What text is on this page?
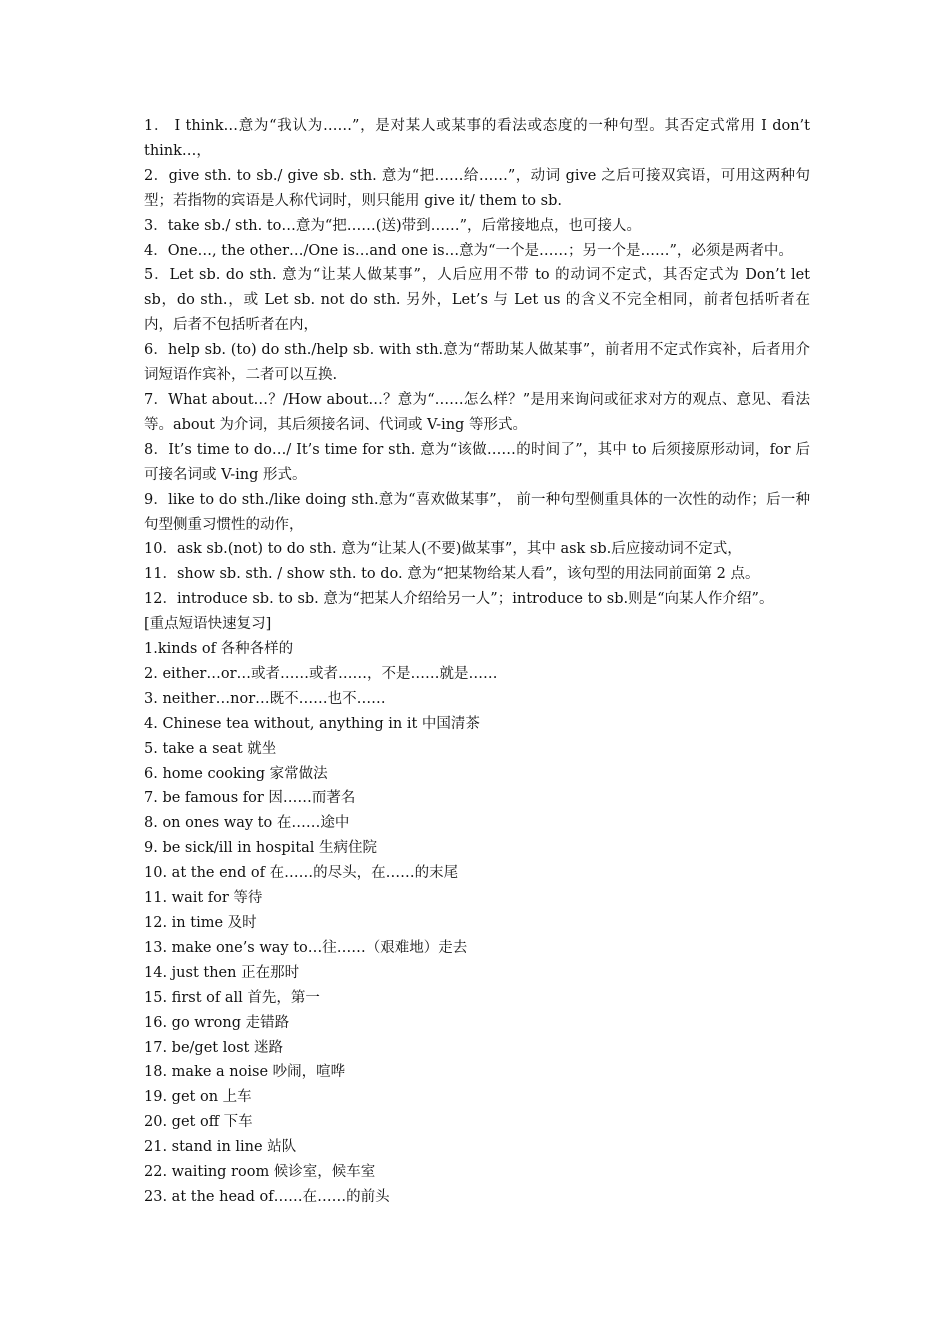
1． I think…意为“我认为……”，是对某人或某事的看法或态度的一种句型。其否定式常用 I don’t think…，

2．give sth. to sb./ give sb. sth. 意为“把……给……”，动词 give 之后可接双宾语，可用这两种句型；若指物的宾语是人称代词时，则只能用 give it/ them to sb.

3．take sb./ sth. to…意为“把……(送)带到……”，后常接地点，也可接人。

4．One…, the other…/One is…and one is…意为“一个是……；另一个是……”，必须是两者中。

5．Let sb. do sth. 意为“让某人做某事”，人后应用不带 to 的动词不定式，其否定式为 Don’t let sb，do sth.，或 Let sb. not do sth. 另外，Let’s 与 Let us 的含义不完全相同，前者包括听者在内，后者不包括听者在内，

6．help sb. (to) do sth./help sb. with sth.意为“帮助某人做某事”，前者用不定式作宾补，后者用介词短语作宾补，二者可以互换.

7．What about…？/How about…？意为“……怎么样？”是用来询问或征求对方的观点、意见、看法等。about 为介词，其后须接名词、代词或 V-ing 等形式。

8．It’s time to do…/ It’s time for sth. 意为“该做……的时间了”，其中 to 后须接原形动词，for 后可接名词或 V-ing 形式。

9．like to do sth./like doing sth.意为“喜欢做某事”， 前一种句型侧重具体的一次性的动作；后一种句型侧重习惯性的动作，

10．ask sb.(not) to do sth. 意为“让某人(不要)做某事”，其中 ask sb.后应接动词不定式，

11．show sb. sth. / show sth. to do. 意为“把某物给某人看”，该句型的用法同前面第 2 点。

12．introduce sb. to sb. 意为“把某人介绍给另一人”；introduce to sb.则是“向某人作介绍”。

[重点短语快速复习]

1.kinds of 各种各样的

2. either…or…或者……或者……，不是……就是……

3. neither…nor…既不……也不……

4. Chinese tea without, anything in it 中国清茶

5. take a seat 就坐

6. home cooking 家常做法

7. be famous for 因……而著名

8. on ones way to 在……途中

9. be sick/ill in hospital 生病住院

10. at the end of 在……的尽头，在……的末尾

11. wait for 等待

12. in time 及时

13. make one’s way to…往……（艰难地）走去

14. just then 正在那时

15. first of all 首先，第一

16. go wrong 走错路

17. be/get lost 迷路

18. make a noise 吵闹，喧哗

19. get on 上车

20. get off 下车

21. stand in line 站队

22. waiting room 候诊室，候车室

23. at the head of……在……的前头
